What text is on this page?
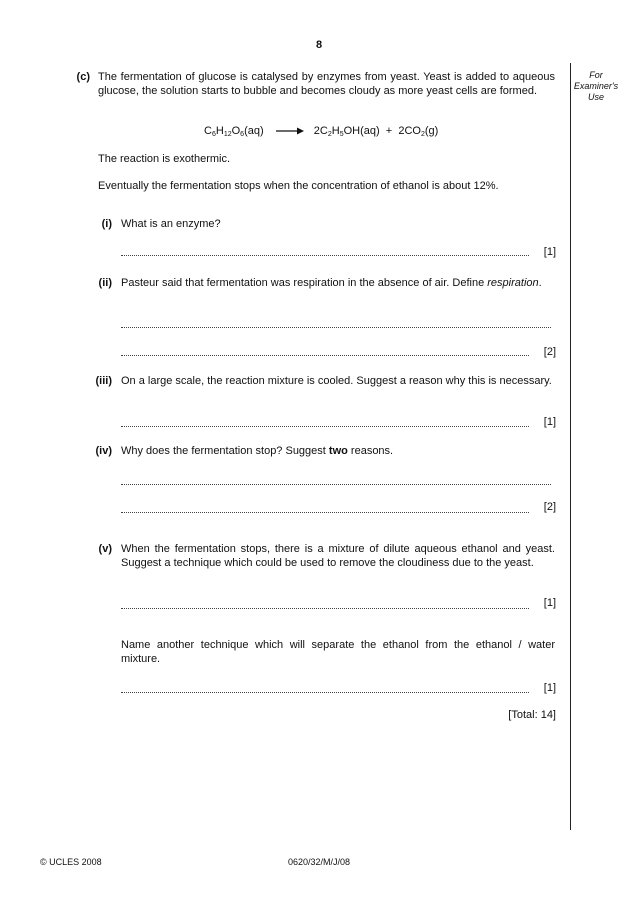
8
For Examiner's Use
(c) The fermentation of glucose is catalysed by enzymes from yeast. Yeast is added to aqueous glucose, the solution starts to bubble and becomes cloudy as more yeast cells are formed.
$C_6H_{12}O_6(aq) \to 2C_2H_5OH(aq) + 2CO_2(g)$
The reaction is exothermic.
Eventually the fermentation stops when the concentration of ethanol is about 12%.
(i) What is an enzyme?
[1]
(ii) Pasteur said that fermentation was respiration in the absence of air. Define respiration.
[2]
(iii) On a large scale, the reaction mixture is cooled. Suggest a reason why this is necessary.
[1]
(iv) Why does the fermentation stop? Suggest two reasons.
[2]
(v) When the fermentation stops, there is a mixture of dilute aqueous ethanol and yeast. Suggest a technique which could be used to remove the cloudiness due to the yeast.
[1]
Name another technique which will separate the ethanol from the ethanol / water mixture.
[1]
[Total: 14]
© UCLES 2008	0620/32/M/J/08
